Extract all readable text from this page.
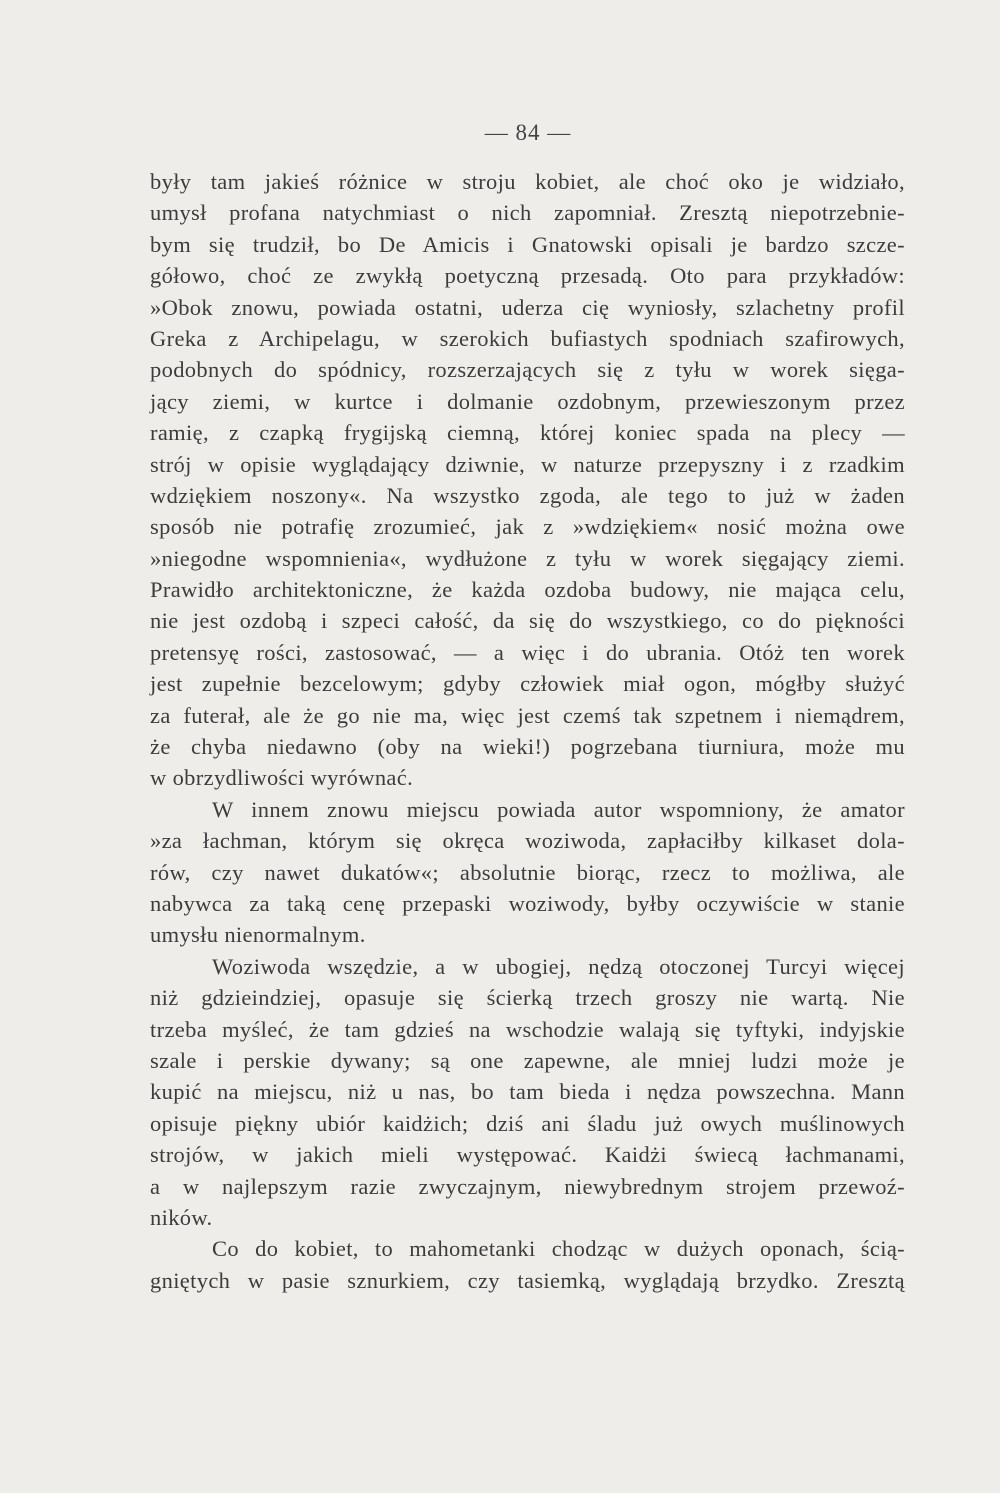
— 84 —
były tam jakieś różnice w stroju kobiet, ale choć oko je widziało,
umysł profana natychmiast o nich zapomniał. Zresztą niepotrzebnie-
bym się trudził, bo De Amicis i Gnatowski opisali je bardzo szcze-
gółowo, choć ze zwykłą poetyczną przesadą. Oto para przykładów:
»Obok znowu, powiada ostatni, uderza cię wyniosły, szlachetny profil
Greka z Archipelagu, w szerokich bufiastych spodniach szafirowych,
podobnych do spódnicy, rozszerzających się z tyłu w worek sięga-
jący ziemi, w kurtce i dolmanie ozdobnym, przewieszonym przez
ramię, z czapką frygijską ciemną, której koniec spada na plecy —
strój w opisie wyglądający dziwnie, w naturze przepyszny i z rzadkim
wdziękiem noszony«. Na wszystko zgoda, ale tego to już w żaden
sposób nie potrafię zrozumieć, jak z »wdziękiem« nosić można owe
»niegodne wspomnienia«, wydłużone z tyłu w worek sięgający ziemi.
Prawidło architektoniczne, że każda ozdoba budowy, nie mająca celu,
nie jest ozdobą i szpeci całość, da się do wszystkiego, co do piękności
pretensyę rości, zastosować, — a więc i do ubrania. Otóż ten worek
jest zupełnie bezcelowym; gdyby człowiek miał ogon, mógłby służyć
za futerał, ale że go nie ma, więc jest czemś tak szpetnem i niemądrem,
że chyba niedawno (oby na wieki!) pogrzebana tiurniura, może mu
w obrzydliwości wyrównać.
W innem znowu miejscu powiada autor wspomniony, że amator
»za łachman, którym się okręca woziwoda, zapłaciłby kilkaset dola-
rów, czy nawet dukatów«; absolutnie biorąc, rzecz to możliwa, ale
nabywca za taką cenę przepaski woziwody, byłby oczywiście w stanie
umysłu nienormalnym.
Woziwoda wszędzie, a w ubogiej, nędzą otoczonej Turcyi więcej
niż gdzieindziej, opasuje się ścierką trzech groszy nie wartą. Nie
trzeba myśleć, że tam gdzieś na wschodzie walają się tyftyki, indyjskie
szale i perskie dywany; są one zapewne, ale mniej ludzi może je
kupić na miejscu, niż u nas, bo tam bieda i nędza powszechna. Mann
opisuje piękny ubiór kaidżich; dziś ani śladu już owych muślinowych
strojów, w jakich mieli występować. Kaidżi świecą łachmanami,
a w najlepszym razie zwyczajnym, niewybrednym strojem przewoź-
ników.
Co do kobiet, to mahometanki chodząc w dużych oponach, ścią-
gniętych w pasie sznurkiem, czy tasiemką, wyglądają brzydko. Zresztą
